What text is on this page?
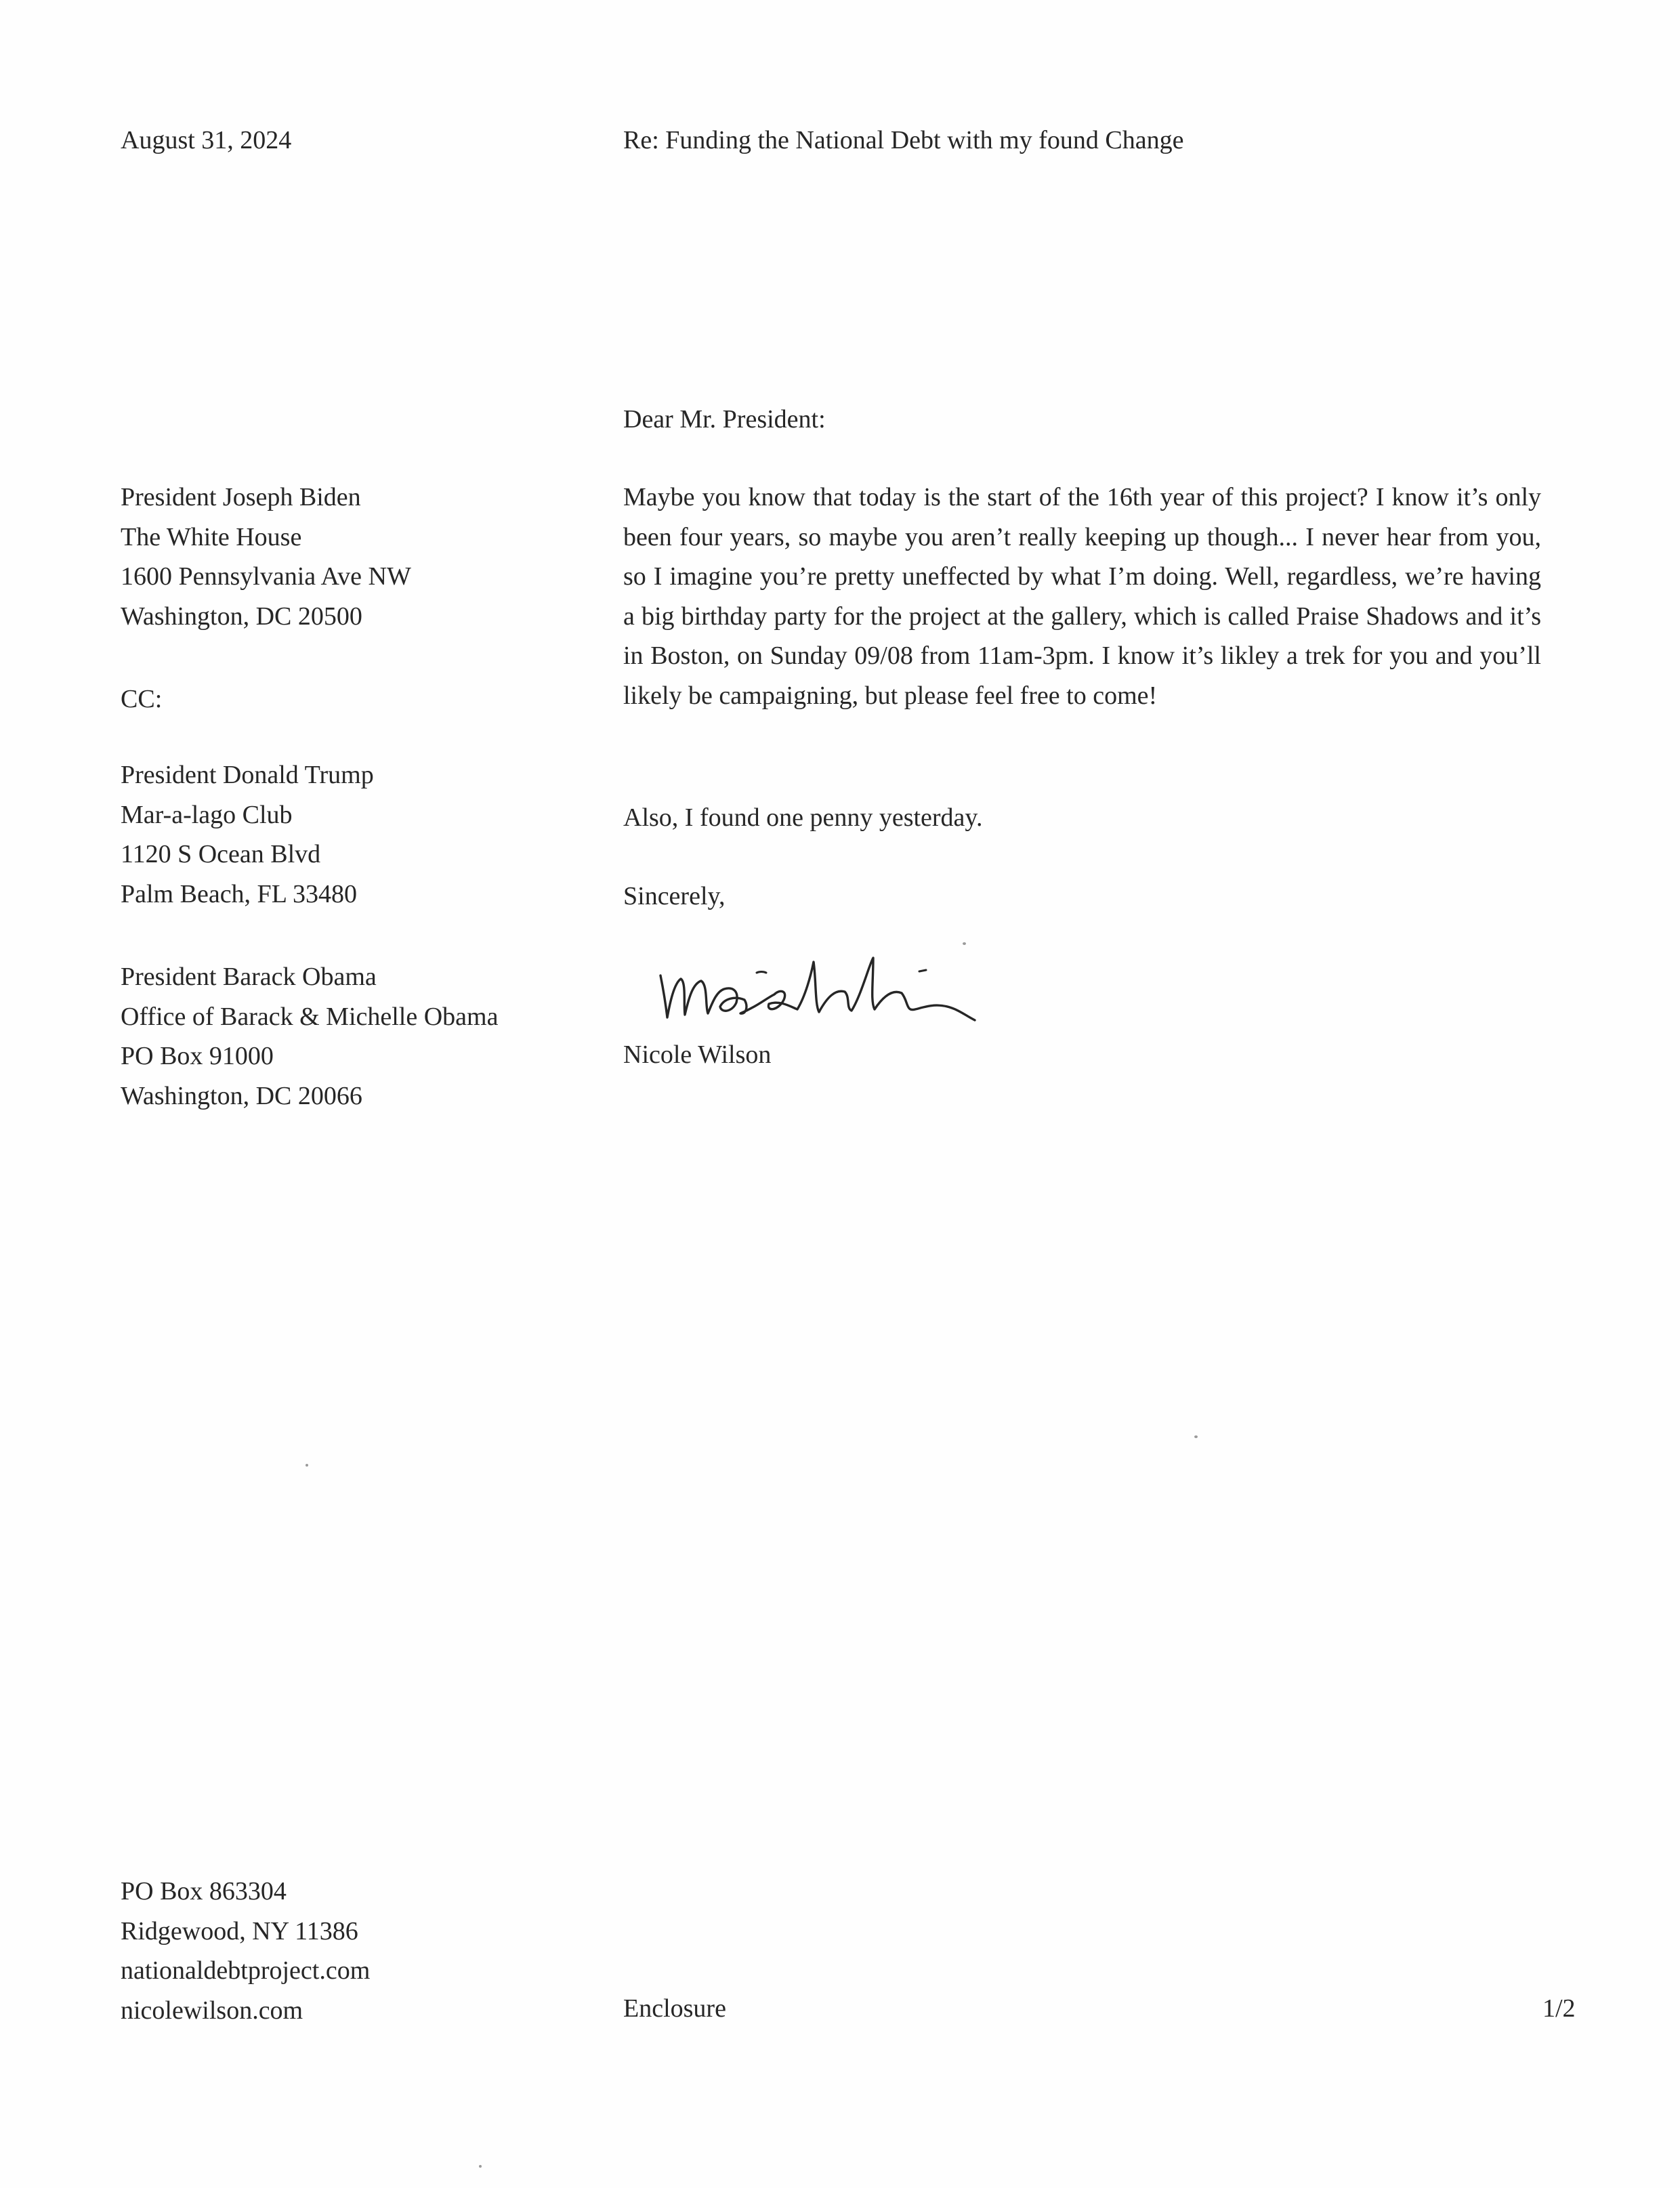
August 31, 2024	Re: Funding the National Debt with my found Change
Dear Mr. President:
President Joseph Biden
The White House
1600 Pennsylvania Ave NW
Washington, DC 20500
CC:
President Donald Trump
Mar-a-lago Club
1120 S Ocean Blvd
Palm Beach, FL 33480
President Barack Obama
Office of Barack & Michelle Obama
PO Box 91000
Washington, DC 20066
Maybe you know that today is the start of the 16th year of this project? I know it’s only been four years, so maybe you aren’t really keeping up though... I never hear from you, so I imagine you’re pretty uneffected by what I’m doing. Well, regardless, we’re having a big birthday party for the project at the gallery, which is called Praise Shadows and it’s in Boston, on Sunday 09/08 from 11am-3pm. I know it’s likley a trek for you and you’ll likely be campaigning, but please feel free to come!
Also, I found one penny yesterday.
Sincerely,
Nicole Wilson
PO Box 863304
Ridgewood, NY 11386
nationaldebtproject.com
nicolewilson.com	Enclosure	1/2
